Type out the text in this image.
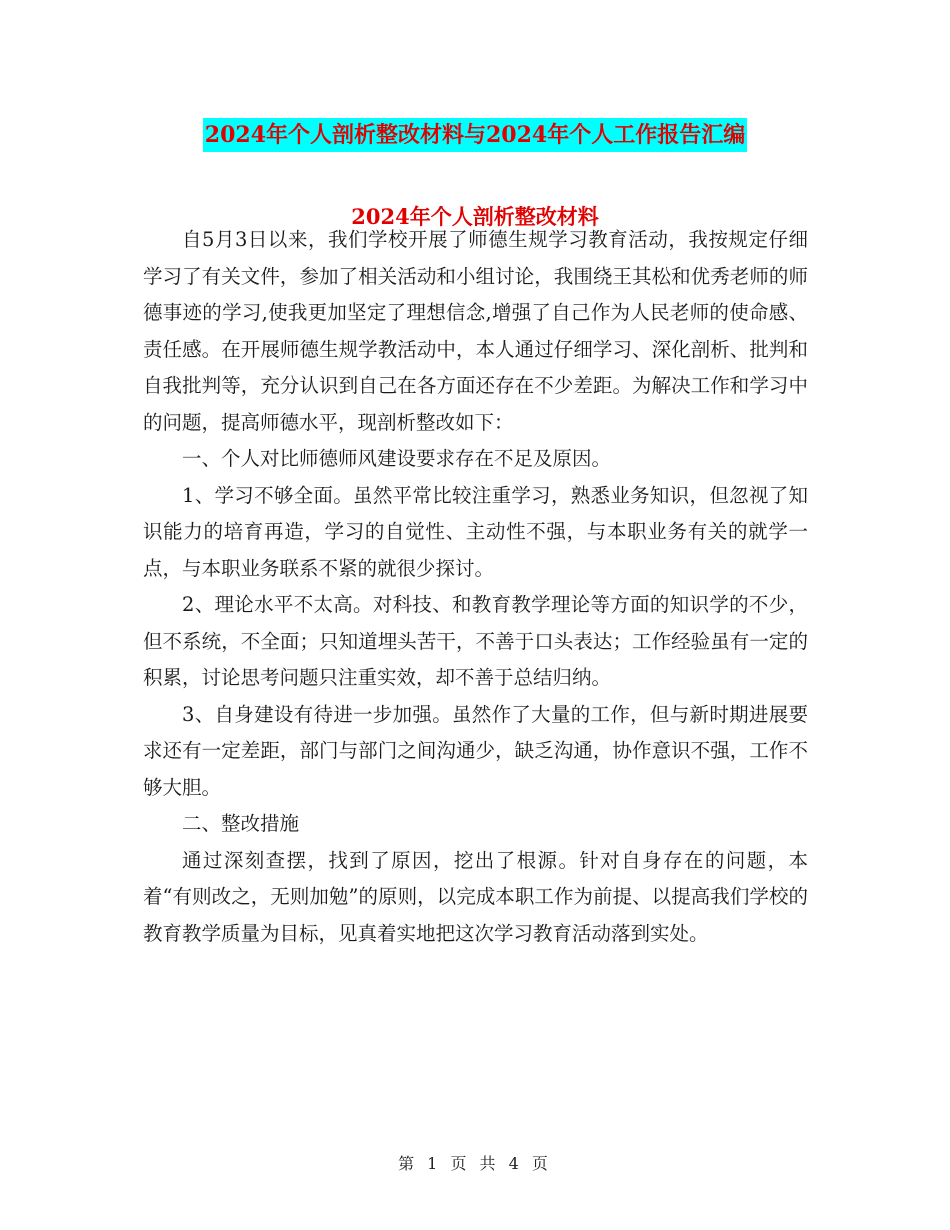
2024年个人剖析整改材料与2024年个人工作报告汇编
2024年个人剖析整改材料

自5月3日以来，我们学校开展了师德生规学习教育活动，我按规定仔细学习了有关文件，参加了相关活动和小组讨论，我围绕王其松和优秀老师的师德事迹的学习,使我更加坚定了理想信念,增强了自己作为人民老师的使命感、责任感。在开展师德生规学教活动中，本人通过仔细学习、深化剖析、批判和自我批判等，充分认识到自己在各方面还存在不少差距。为解决工作和学习中的问题，提高师德水平，现剖析整改如下：

一、个人对比师德师风建设要求存在不足及原因。

1、学习不够全面。虽然平常比较注重学习，熟悉业务知识，但忽视了知识能力的培育再造，学习的自觉性、主动性不强，与本职业务有关的就学一点，与本职业务联系不紧的就很少探讨。

2、理论水平不太高。对科技、和教育教学理论等方面的知识学的不少，但不系统，不全面；只知道埋头苦干，不善于口头表达；工作经验虽有一定的积累，讨论思考问题只注重实效，却不善于总结归纳。

3、自身建设有待进一步加强。虽然作了大量的工作，但与新时期进展要求还有一定差距，部门与部门之间沟通少，缺乏沟通，协作意识不强，工作不够大胆。

二、整改措施

通过深刻查摆，找到了原因，挖出了根源。针对自身存在的问题，本着“有则改之，无则加勉”的原则，以完成本职工作为前提、以提高我们学校的教育教学质量为目标，见真着实地把这次学习教育活动落到实处。

第 1 页 共 4 页
